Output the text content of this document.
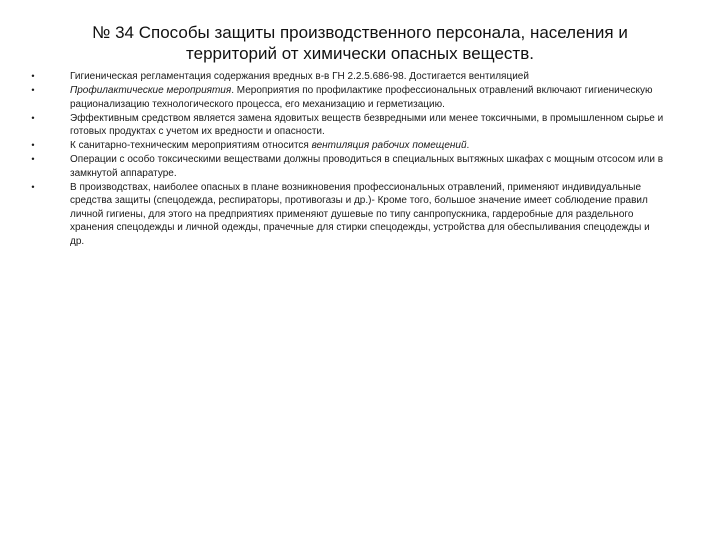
№ 34 Способы защиты производственного персонала, населения и территорий от химически опасных веществ.
•	Гигиеническая регламентация содержания вредных в-в ГН 2.2.5.686-98. Достигается вентиляцией
•	Профилактические мероприятия. Мероприятия по профилактике профессиональных отравлений включают гигиеническую рационализацию технологического процесса, его механизацию и герметизацию.
•	Эффективным средством является замена ядовитых веществ безвредными или менее токсичными, в промышленном сырье и готовых продуктах с учетом их вредности и опасности.
•	К санитарно-техническим мероприятиям относится вентиляция рабочих помещений.
•	Операции с особо токсическими веществами должны проводиться в специальных вытяжных шкафах с мощным отсосом или в замкнутой аппаратуре.
•	В производствах, наиболее опасных в плане возникновения профессиональных отравлений, применяют индивидуальные средства защиты (спецодежда, респираторы, противогазы и др.)- Кроме того, большое значение имеет соблюдение правил личной гигиены, для этого на предприятиях применяют душевые по типу санпропускника, гардеробные для раздельного хранения спецодежды и личной одежды, прачечные для стирки спецодежды, устройства для обеспыливания спецодежды и др.
